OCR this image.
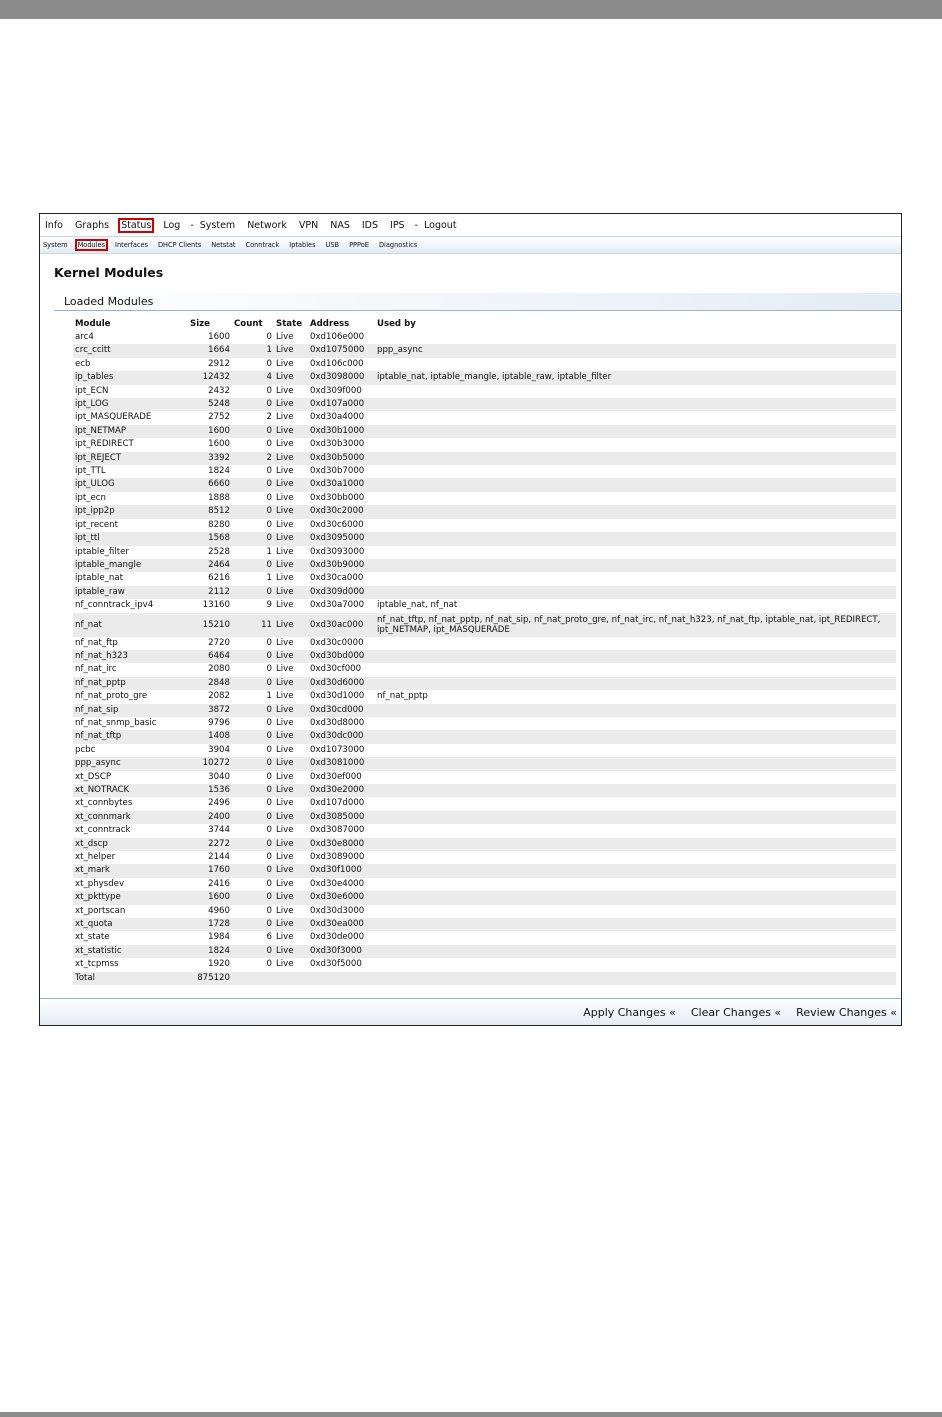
Info Graphs Status Log - System Network VPN NAS IDS IPS - Logout
System	Modules	Interfaces	DHCP Clients	Netstat	Conntrack	Iptables	USB	PPPoE	Diagnostics
Kernel Modules
Loaded Modules
Module	Size	Count	State	Address	Used by
arc4	1600	0	Live	0xd106e000	
crc_ccitt	1664	1	Live	0xd1075000	ppp_async
ecb	2912	0	Live	0xd106c000	
ip_tables	12432	4	Live	0xd3098000	iptable_nat, iptable_mangle, iptable_raw, iptable_filter
ipt_ECN	2432	0	Live	0xd309f000	
ipt_LOG	5248	0	Live	0xd107a000	
ipt_MASQUERADE	2752	2	Live	0xd30a4000	
ipt_NETMAP	1600	0	Live	0xd30b1000	
ipt_REDIRECT	1600	0	Live	0xd30b3000	
ipt_REJECT	3392	2	Live	0xd30b5000	
ipt_TTL	1824	0	Live	0xd30b7000	
ipt_ULOG	6660	0	Live	0xd30a1000	
ipt_ecn	1888	0	Live	0xd30bb000	
ipt_ipp2p	8512	0	Live	0xd30c2000	
ipt_recent	8280	0	Live	0xd30c6000	
ipt_ttl	1568	0	Live	0xd3095000	
iptable_filter	2528	1	Live	0xd3093000	
iptable_mangle	2464	0	Live	0xd30b9000	
iptable_nat	6216	1	Live	0xd30ca000	
iptable_raw	2112	0	Live	0xd309d000	
nf_conntrack_ipv4	13160	9	Live	0xd30a7000	iptable_nat, nf_nat
nf_nat	15210	11	Live	0xd30ac000	nf_nat_tftp, nf_nat_pptp, nf_nat_sip, nf_nat_proto_gre, nf_nat_irc, nf_nat_h323, nf_nat_ftp, iptable_nat, ipt_REDIRECT, ipt_NETMAP, ipt_MASQUERADE
nf_nat_ftp	2720	0	Live	0xd30c0000	
nf_nat_h323	6464	0	Live	0xd30bd000	
nf_nat_irc	2080	0	Live	0xd30cf000	
nf_nat_pptp	2848	0	Live	0xd30d6000	
nf_nat_proto_gre	2082	1	Live	0xd30d1000	nf_nat_pptp
nf_nat_sip	3872	0	Live	0xd30cd000	
nf_nat_snmp_basic	9796	0	Live	0xd30d8000	
nf_nat_tftp	1408	0	Live	0xd30dc000	
pcbc	3904	0	Live	0xd1073000	
ppp_async	10272	0	Live	0xd3081000	
xt_DSCP	3040	0	Live	0xd30ef000	
xt_NOTRACK	1536	0	Live	0xd30e2000	
xt_connbytes	2496	0	Live	0xd107d000	
xt_connmark	2400	0	Live	0xd3085000	
xt_conntrack	3744	0	Live	0xd3087000	
xt_dscp	2272	0	Live	0xd30e8000	
xt_helper	2144	0	Live	0xd3089000	
xt_mark	1760	0	Live	0xd30f1000	
xt_physdev	2416	0	Live	0xd30e4000	
xt_pkttype	1600	0	Live	0xd30e6000	
xt_portscan	4960	0	Live	0xd30d3000	
xt_quota	1728	0	Live	0xd30ea000	
xt_state	1984	6	Live	0xd30de000	
xt_statistic	1824	0	Live	0xd30f3000	
xt_tcpmss	1920	0	Live	0xd30f5000	
Total	875120				
Apply Changes « Clear Changes « Review Changes «
